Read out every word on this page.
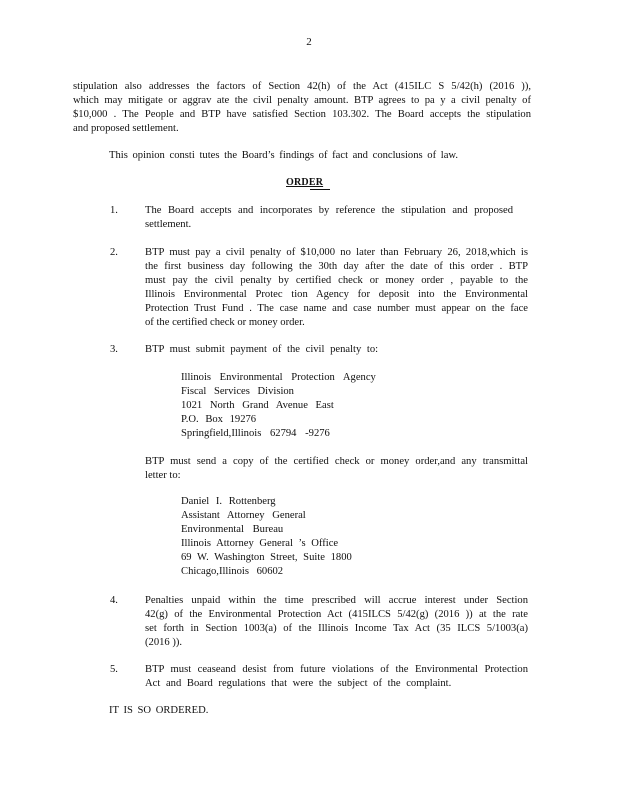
2
stipulation also addresses the factors of Section 42(h) of the Act (415ILC S 5/42(h) (2016 )),
which may mitigate or aggrav ate the civil penalty amount. BTP agrees to pa y a civil penalty of
$10,000 . The People and BTP have satisfied Section 103.302. The Board accepts the stipulation
and proposed settlement.
This opinion consti tutes the Board’s findings of fact and conclusions of law.
ORDER
1.	The Board accepts and incorporates by reference the stipulation and proposed

settlement.

2.	BTP must pay a civil penalty of $10,000 no later than February 26, 2018,which is

the first business day following the 30th day after the date of this order . BTP

must pay the civil penalty by certified check or money order , payable to the

Illinois Environmental Protec tion Agency for deposit into the Environmental

Protection Trust Fund . The case name and case number must appear on the face

of the certified check or money order.

3.	BTP must submit payment of the civil penalty to:

Illinois Environmental Protection Agency
Fiscal Services Division
1021 North Grand Avenue East
P.O. Box 19276
Springfield,Illinois 62794 -9276

BTP must send a copy of the certified check or money order,and any transmittal

letter to:

Daniel I. Rottenberg
Assistant Attorney General
Environmental Bureau
Illinois Attorney General ’s Office
69 W. Washington Street, Suite 1800
Chicago,Illinois 60602
4.	Penalties unpaid within the time prescribed will accrue interest under Section

42(g) of the Environmental Protection Act (415ILCS 5/42(g) (2016 )) at the rate

set forth in Section 1003(a) of the Illinois Income Tax Act (35 ILCS 5/1003(a)

(2016 )).

5.	BTP must ceaseand desist from future violations of the Environmental Protection

Act and Board regulations that were the subject of the complaint.

IT IS SO ORDERED.
